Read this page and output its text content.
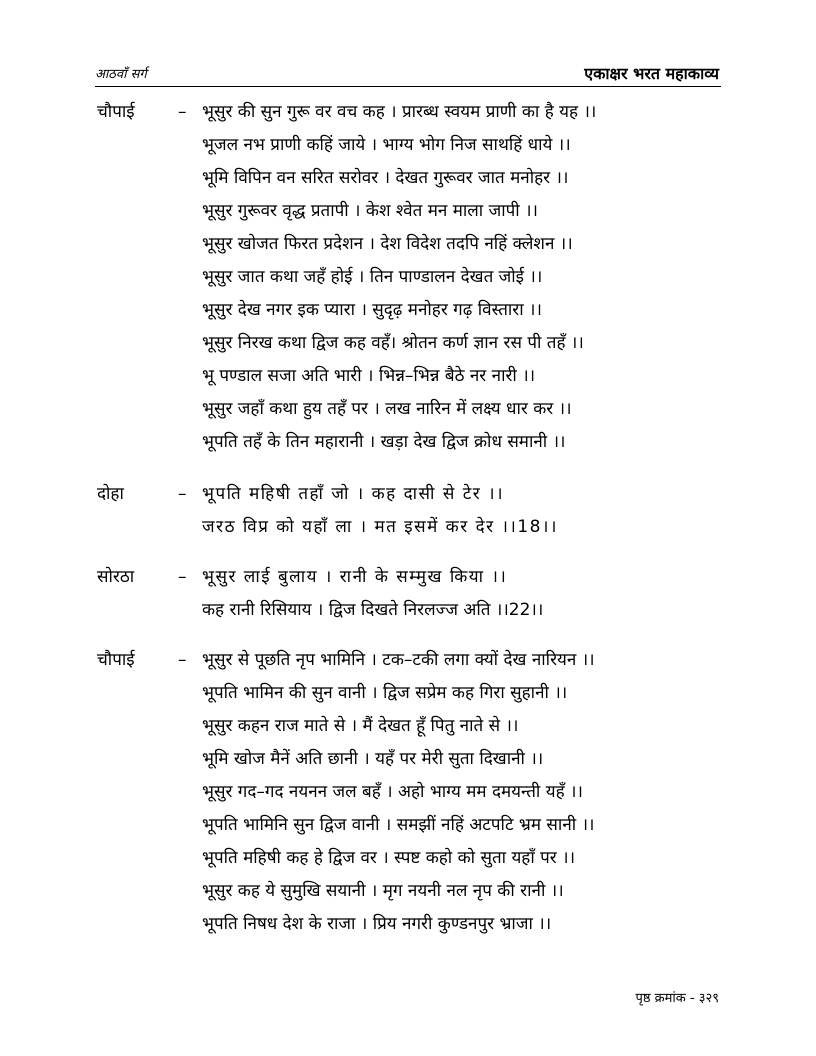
आठवाँ सर्ग	एकाक्षर भरत महाकाव्य
चौपाई	– भूसुर की सुन गुरू वर वच कह । प्रारब्ध स्वयम प्राणी का है यह ।।
भूजल नभ प्राणी कहिं जाये । भाग्य भोग निज साथहिं धाये ।।
भूमि विपिन वन सरित सरोवर । देखत गुरूवर जात मनोहर ।।
भूसुर गुरूवर वृद्ध प्रतापी । केश श्वेत मन माला जापी ।।
भूसुर खोजत फिरत प्रदेशन । देश विदेश तदपि नहिं क्लेशन ।।
भूसुर जात कथा जहँ होई । तिन पाण्डालन देखत जोई ।।
भूसुर देख नगर इक प्यारा । सुदृढ़ मनोहर गढ़ विस्तारा ।।
भूसुर निरख कथा द्विज कह वहँ। श्रोतन कर्ण ज्ञान रस पी तहँ ।।
भू पण्डाल सजा अति भारी । भिन्न–भिन्न बैठे नर नारी ।।
भूसुर जहाँ कथा हुय तहँ पर । लख नारिन में लक्ष्य धार कर ।।
भूपति तहँ के तिन महारानी । खड़ा देख द्विज क्रोध समानी ।।
दोहा	– भूपति महिषी तहाँ जो । कह दासी से टेर ।।
जरठ विप्र को यहाँ ला । मत इसमें कर देर ।।18।।
सोरठा	– भूसुर लाई बुलाय । रानी के सम्मुख किया ।।
कह रानी रिसियाय । द्विज दिखते निरलज्ज अति ।।22।।
चौपाई	– भूसुर से पूछति नृप भामिनि । टक–टकी लगा क्यों देख नारियन ।।
भूपति भामिन की सुन वानी । द्विज सप्रेम कह गिरा सुहानी ।।
भूसुर कहन राज माते से । मैं देखत हूँ पितु नाते से ।।
भूमि खोज मैनें अति छानी । यहँ पर मेरी सुता दिखानी ।।
भूसुर गद–गद नयनन जल बहँ । अहो भाग्य मम दमयन्ती यहँ ।।
भूपति भामिनि सुन द्विज वानी । समझीं नहिं अटपटि भ्रम सानी ।।
भूपति महिषी कह हे द्विज वर । स्पष्ट कहो को सुता यहाँ पर ।।
भूसुर कह ये सुमुखि सयानी । मृग नयनी नल नृप की रानी ।।
भूपति निषध देश के राजा । प्रिय नगरी कुण्डनपुर भ्राजा ।।
पृष्ठ क्रमांक - ३२९
